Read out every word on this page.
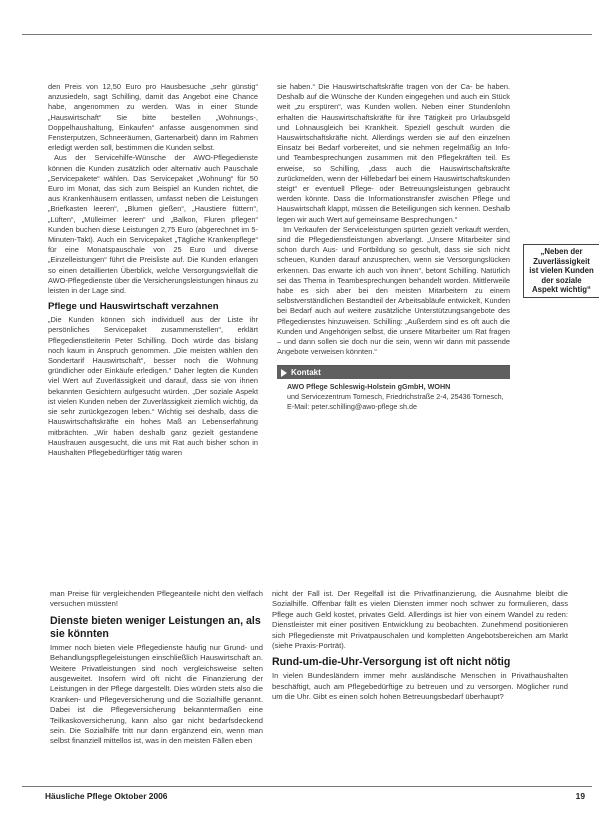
den Preis von 12,50 Euro pro Hausbesuche „sehr günstig“ anzusiedeln, sagt Schilling, damit das Angebot eine Chance habe, angenommen zu werden. Was in einer Stunde „Hauswirtschaft“ Sie bitte bestellen „Wohnungs-, Doppelhaushaltung, Einkaufen“ anfasse ausgenommen sind Fensterputzen, Schneeräumen, Gartenarbeit) dann im Rahmen erledigt werden soll, bestimmen die Kunden selbst.

Aus der Servicehilfe-Wünsche der AWO-Pflegedienste können die Kunden zusätzlich oder alternativ auch Pauschale „Servicepakete“ wählen. Das Servicepaket „Wohnung“ für 50 Euro im Monat, das sich zum Beispiel an Kunden richtet, die aus Krankenhäusern entlassen, umfasst neben die Leistungen „Briefkasten leeren“, „Blumen gießen“, „Haustiere füttern“, „Lüften“, „Mülleimer leeren“ und „Balkon, Fluren pflegen“ Kunden buchen diese Leistungen 2,75 Euro (abgerechnet im 5-Minuten-Takt). Auch ein Servicepaket „Tägliche Krankenpflege“ für eine Monatspauschale von 25 Euro und diverse „Einzelleistungen“ führt die Preisliste auf. Die Kunden erlangen so einen detaillierten Überblick, welche Versorgungsvielfalt die AWO-Pflegedienste über die Versicherungsleistungen hinaus zu leisten in der Lage sind.

Pflege und Hauswirtschaft verzahnen

„Die Kunden können sich individuell aus der Liste ihr persönliches Servicepaket zusammenstellen“, erklärt Pflegedienstleiterin Peter Schilling. Doch würde das bislang noch kaum in Anspruch genommen. „Die meisten wählen den Sondertarif Hauswirtschaft“, besser noch die Wohnung gründlicher oder Einkäufe erledigen.“ Daher legten die Kunden viel Wert auf Zuverlässigkeit und darauf, dass sie von ihnen bekannten Gesichtern aufgesucht würden. „Der soziale Aspekt ist vielen Kunden neben der Zuverlässigkeit ziemlich wichtig, da sie sehr zurückgezogen leben.“ Wichtig sei deshalb, dass die Hauswirtschaftskräfte ein hohes Maß an Lebenserfahrung mitbrächten. „Wir haben deshalb ganz gezielt gestandene Hausfrauen ausgesucht, die uns mit Rat auch bisher schon in Haushalten Pflegebedürftiger tätig waren

sie haben.“ Die Hauswirtschaftskräfte tragen von der Ca- be haben. Deshalb auf die Wünsche der Kunden eingegehen und auch ein Stück weit „zu erspüren“, was Kunden wollen. Neben einer Stundenlohn erhalten die Hauswirtschaftskräfte für ihre Tätigkeit pro Urlaubsgeld und Lohnausgleich bei Krankheit. Speziell geschult wurden die Hauswirtschaftskräfte nicht. Allerdings werden sie auf den einzelnen Einsatz bei Bedarf vorbereitet, und sie nehmen regelmäßig an Info- und Teambesprechungen zusammen mit den Pflegekräften teil. Es erweise, so Schilling, „dass auch die Hauswirtschaftskräfte zurückmelden, wenn der Hilfebedarf bei einem Hauswirtschaftskunden steigt“ er eventuell Pflege- oder Betreuungsleistungen gebraucht werden könnte. Dass die Informationstransfer zwischen Pflege und Hauswirtschaft klappt, müssen die Beteiligungen sich kennen. Deshalb legen wir auch Wert auf gemeinsame Besprechungen.“

Im Verkaufen der Serviceleistungen spürten gezielt verkauft werden, sind die Pflegedienstleistungen abverlangt. „Unsere Mitarbeiter sind schon durch Aus- und Fortbildung so geschult, dass sie sich nicht scheuen, Kunden darauf anzusprechen, wenn sie Versorgungslücken erkennen. Das erwarte ich auch von ihnen“, betont Schilling. Natürlich sei das Thema in Teambesprechungen behandelt worden. Mittlerweile habe es sich aber bei den meisten Mitarbeitern zu einem selbstverständlichen Bestandteil der Arbeitsabläufe entwickelt, Kunden bei Bedarf auch auf weitere zusätzliche Unterstützungsangebote des Pflegedienstes hinzuweisen. Schilling: „Außerdem sind es oft auch die Kunden und Angehörigen selbst, die unsere Mitarbeiter um Rat fragen – und dann sollen sie doch nur die sein, wenn wir dann mit passende Angebote verweisen könnten.“

Kontakt
AWO Pflege Schleswig-Holstein gGmbH, WOHN
und Servicezentrum Tornesch, Friedrichstraße 2-4, 25436 Tornesch, E-Mail: peter.schilling@awo-pflege sh.de
„Neben der Zuverlässigkeit ist vielen Kunden der soziale Aspekt wichtig“

man Preise für vergleichenden Pflegeanteile nicht den vielfach versuchen müssten!

Dienste bieten weniger Leistungen an, als sie könnten

Immer noch bieten viele Pflegedienste häufig nur Grund- und Behandlungspflegeleistungen einschließlich Hauswirtschaft an. Weitere Privatleistungen sind noch vergleichsweise selten ausgeweitet. Insofern wird oft nicht die Finanzierung der Leistungen in der Pflege dargestellt. Dies würden stets also die Kranken- und Pflegeversicherung und die Sozialhilfe genannt. Dabei ist die Pflegeversicherung bekanntermaßen eine Teilkaskoversicherung, kann also gar nicht bedarfsdeckend sein. Die Sozialhilfe tritt nur dann ergänzend ein, wenn man selbst finanziell mittellos ist, was in den meisten Fällen eben

nicht der Fall ist. Der Regelfall ist die Privatfinanzierung, die Ausnahme bleibt die Sozialhilfe. Offenbar fällt es vielen Diensten immer noch schwer zu formulieren, dass Pflege auch Geld kostet, privates Geld. Allerdings ist hier von einem Wandel zu reden: Dienstleister mit einer positiven Entwicklung zu beobachten. Zunehmend positionieren sich Pflegedienste mit Privatpauschalen und kompletten Angebotsbereichen am Markt (siehe Praxis-Porträt).

Rund-um-die-Uhr-Versorgung ist oft nicht nötig

In vielen Bundesländern immer mehr ausländische Menschen in Privathaushalten beschäftigt, auch am Pflegebedürftige zu betreuen und zu versorgen. Möglicher rund um die Uhr. Gibt es einen solch hohen Betreuungsbedarf überhaupt?

Häusliche Pflege Oktober 2006	19
